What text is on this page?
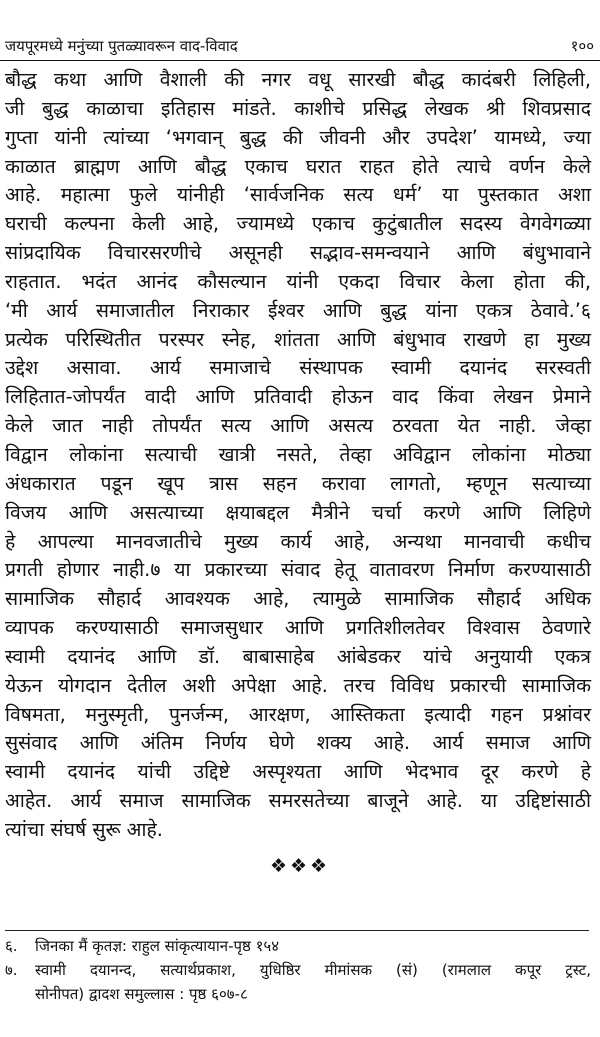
जयपूरमध्ये मनुंच्या पुतळ्यावरून वाद-विवाद	१००
बौद्ध कथा आणि वैशाली की नगर वधू सारखी बौद्ध कादंबरी लिहिली,
जी बुद्ध काळाचा इतिहास मांडते. काशीचे प्रसिद्ध लेखक श्री शिवप्रसाद
गुप्ता यांनी त्यांच्या ‘भगवान् बुद्ध की जीवनी और उपदेश’ यामध्ये, ज्या
काळात ब्राह्मण आणि बौद्ध एकाच घरात राहत होते त्याचे वर्णन केले
आहे. महात्मा फुले यांनीही ‘सार्वजनिक सत्य धर्म’ या पुस्तकात अशा
घराची कल्पना केली आहे, ज्यामध्ये एकाच कुटुंबातील सदस्य वेगवेगळ्या
सांप्रदायिक विचारसरणीचे असूनही सद्भाव-समन्वयाने आणि बंधुभावाने
राहतात. भदंत आनंद कौसल्यान यांनी एकदा विचार केला होता की,
‘मी आर्य समाजातील निराकार ईश्वर आणि बुद्ध यांना एकत्र ठेवावे.’६
प्रत्येक परिस्थितीत परस्पर स्नेह, शांतता आणि बंधुभाव राखणे हा मुख्य
उद्देश असावा. आर्य समाजाचे संस्थापक स्वामी दयानंद सरस्वती
लिहितात-जोपर्यंत वादी आणि प्रतिवादी होऊन वाद किंवा लेखन प्रेमाने
केले जात नाही तोपर्यंत सत्य आणि असत्य ठरवता येत नाही. जेव्हा
विद्वान लोकांना सत्याची खात्री नसते, तेव्हा अविद्वान लोकांना मोठ्या
अंधकारात पडून खूप त्रास सहन करावा लागतो, म्हणून सत्याच्या
विजय आणि असत्याच्या क्षयाबद्दल मैत्रीने चर्चा करणे आणि लिहिणे
हे आपल्या मानवजातीचे मुख्य कार्य आहे, अन्यथा मानवाची कधीच
प्रगती होणार नाही.७ या प्रकारच्या संवाद हेतू वातावरण निर्माण करण्यासाठी
सामाजिक सौहार्द आवश्यक आहे, त्यामुळे सामाजिक सौहार्द अधिक
व्यापक करण्यासाठी समाजसुधार आणि प्रगतिशीलतेवर विश्वास ठेवणारे
स्वामी दयानंद आणि डॉ. बाबासाहेब आंबेडकर यांचे अनुयायी एकत्र
येऊन योगदान देतील अशी अपेक्षा आहे. तरच विविध प्रकारची सामाजिक
विषमता, मनुस्मृती, पुनर्जन्म, आरक्षण, आस्तिकता इत्यादी गहन प्रश्नांवर
सुसंवाद आणि अंतिम निर्णय घेणे शक्य आहे. आर्य समाज आणि
स्वामी दयानंद यांची उद्दिष्टे अस्पृश्यता आणि भेदभाव दूर करणे हे
आहेत. आर्य समाज सामाजिक समरसतेच्या बाजूने आहे. या उद्दिष्टांसाठी
त्यांचा संघर्ष सुरू आहे.
❖❖❖
६. जिनका मैं कृतज्ञ: राहुल सांकृत्यायान-पृष्ठ १५४
७. स्वामी दयानन्द, सत्यार्थप्रकाश, युधिष्ठिर मीमांसक (सं) (रामलाल कपूर ट्रस्ट,
सोनीपत) द्वादश समुल्लास : पृष्ठ ६०७-८
